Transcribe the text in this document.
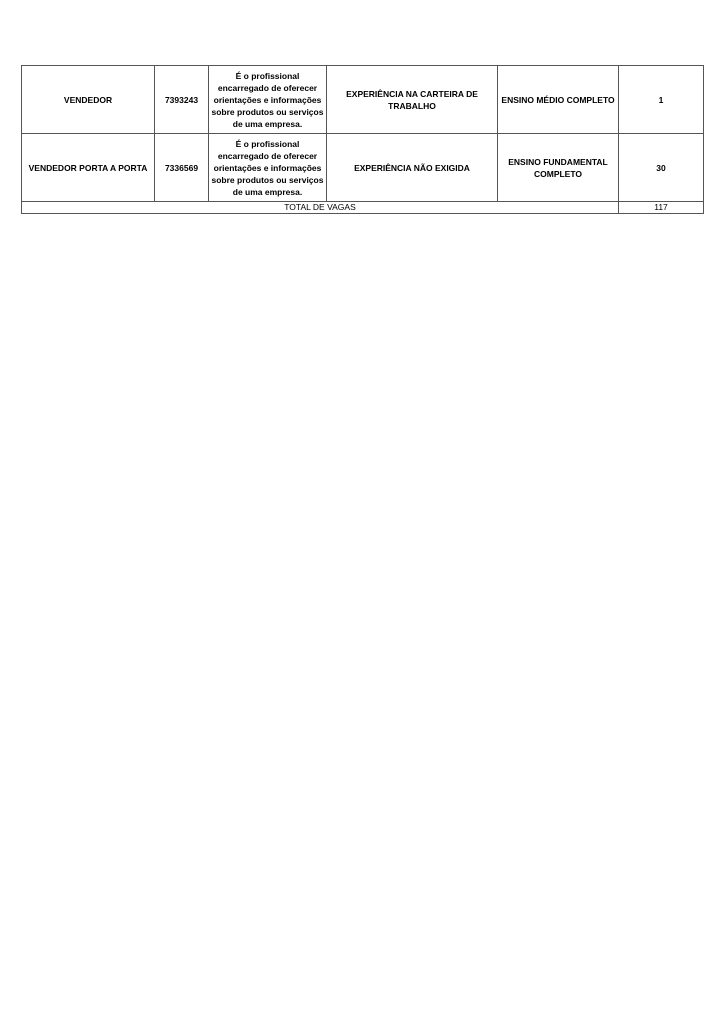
VENDEDOR	7393243	É o profissional encarregado de oferecer orientações e informações sobre produtos ou serviços de uma empresa.	EXPERIÊNCIA NA CARTEIRA DE TRABALHO	ENSINO MÉDIO COMPLETO	1
VENDEDOR PORTA A PORTA	7336569	É o profissional encarregado de oferecer orientações e informações sobre produtos ou serviços de uma empresa.	EXPERIÊNCIA NÃO EXIGIDA	ENSINO FUNDAMENTAL COMPLETO	30
TOTAL DE VAGAS					117
